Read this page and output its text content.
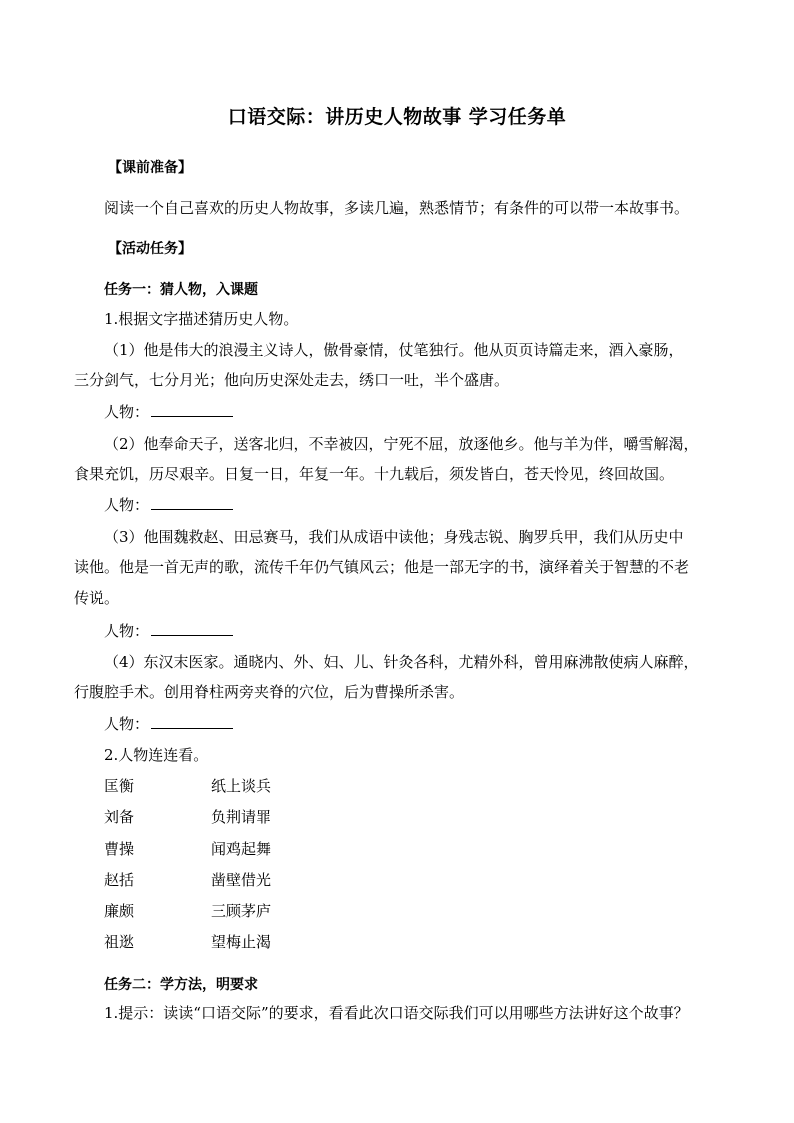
口语交际：讲历史人物故事 学习任务单
【课前准备】
阅读一个自己喜欢的历史人物故事，多读几遍，熟悉情节；有条件的可以带一本故事书。
【活动任务】
任务一：猜人物，入课题
1.根据文字描述猜历史人物。
（1）他是伟大的浪漫主义诗人，傲骨豪情，仗笔独行。他从页页诗篇走来，酒入豪肠，
三分剑气，七分月光；他向历史深处走去，绣口一吐，半个盛唐。
人物：
（2）他奉命天子，送客北归，不幸被囚，宁死不屈，放逐他乡。他与羊为伴，嚼雪解渴，
食果充饥，历尽艰辛。日复一日，年复一年。十九载后，须发皆白，苍天怜见，终回故国。
人物：
（3）他围魏救赵、田忌赛马，我们从成语中读他；身残志锐、胸罗兵甲，我们从历史中
读他。他是一首无声的歌，流传千年仍气镇风云；他是一部无字的书，演绎着关于智慧的不老
传说。
人物：
（4）东汉末医家。通晓内、外、妇、儿、针灸各科，尤精外科，曾用麻沸散使病人麻醉，
行腹腔手术。创用脊柱两旁夹脊的穴位，后为曹操所杀害。
人物：
2.人物连连看。
匡衡	纸上谈兵
刘备	负荆请罪
曹操	闻鸡起舞
赵括	凿壁借光
廉颇	三顾茅庐
祖逖	望梅止渴
任务二：学方法，明要求
1.提示：读读“口语交际”的要求，看看此次口语交际我们可以用哪些方法讲好这个故事？
